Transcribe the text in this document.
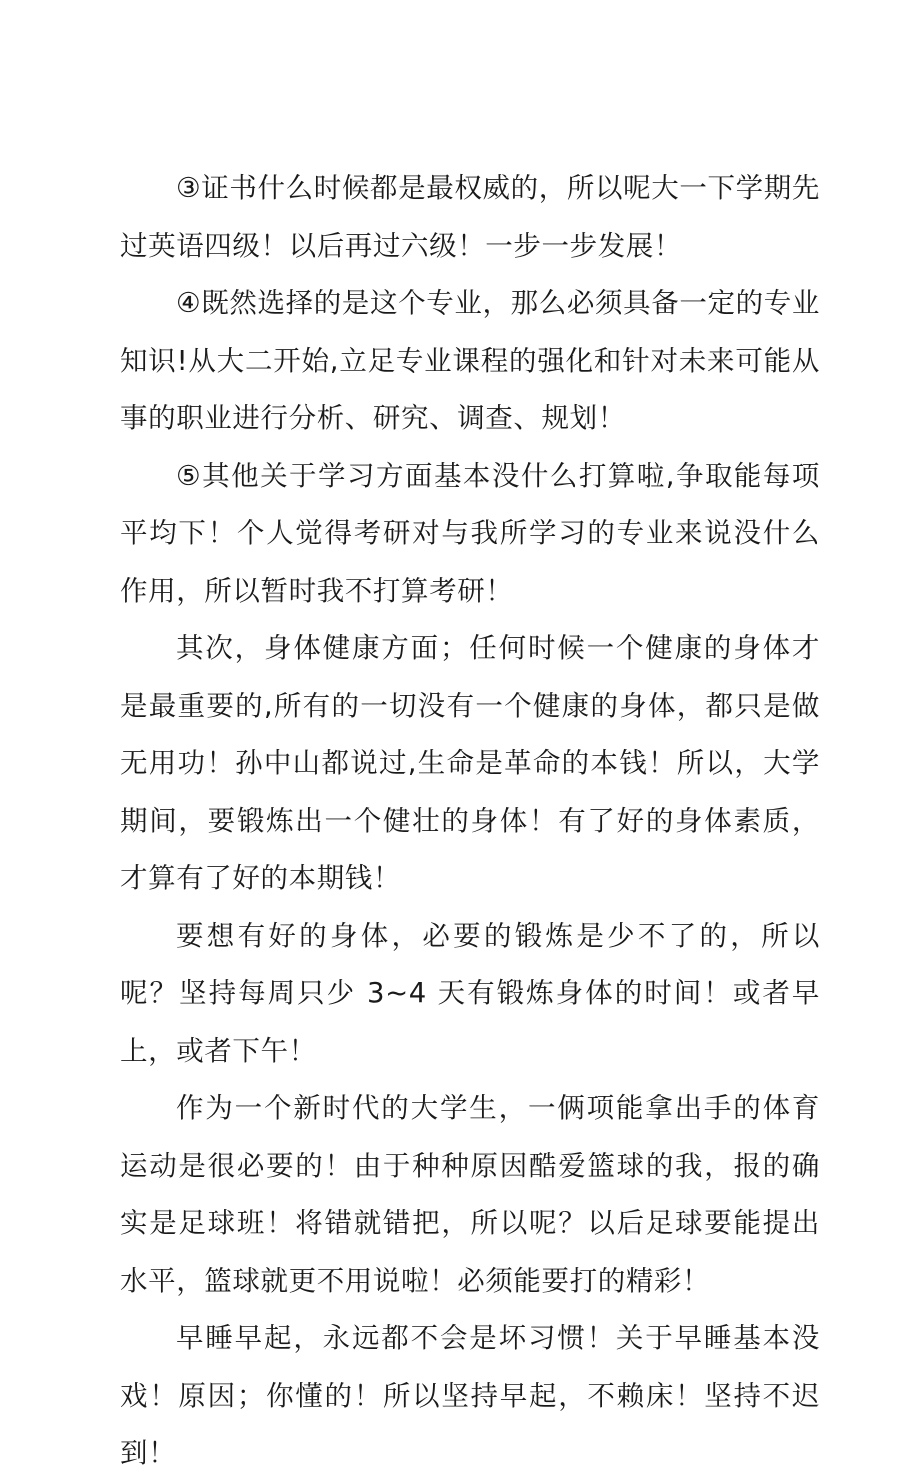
③证书什么时候都是最权威的，所以呢大一下学期先过英语四级！以后再过六级！一步一步发展！

④既然选择的是这个专业，那么必须具备一定的专业知识!从大二开始,立足专业课程的强化和针对未来可能从事的职业进行分析、研究、调查、规划！

⑤其他关于学习方面基本没什么打算啦,争取能每项平均下！个人觉得考研对与我所学习的专业来说没什么作用，所以暂时我不打算考研！

其次，身体健康方面；任何时候一个健康的身体才是最重要的,所有的一切没有一个健康的身体，都只是做无用功！孙中山都说过,生命是革命的本钱！所以，大学期间，要锻炼出一个健壮的身体！有了好的身体素质，才算有了好的本期钱！

要想有好的身体，必要的锻炼是少不了的，所以呢？坚持每周只少 3~4 天有锻炼身体的时间！或者早上，或者下午！

作为一个新时代的大学生，一俩项能拿出手的体育运动是很必要的！由于种种原因酷爱篮球的我，报的确实是足球班！将错就错把，所以呢？以后足球要能提出水平，篮球就更不用说啦！必须能要打的精彩！

早睡早起，永远都不会是坏习惯！关于早睡基本没戏！原因；你懂的！所以坚持早起，不赖床！坚持不迟到！
